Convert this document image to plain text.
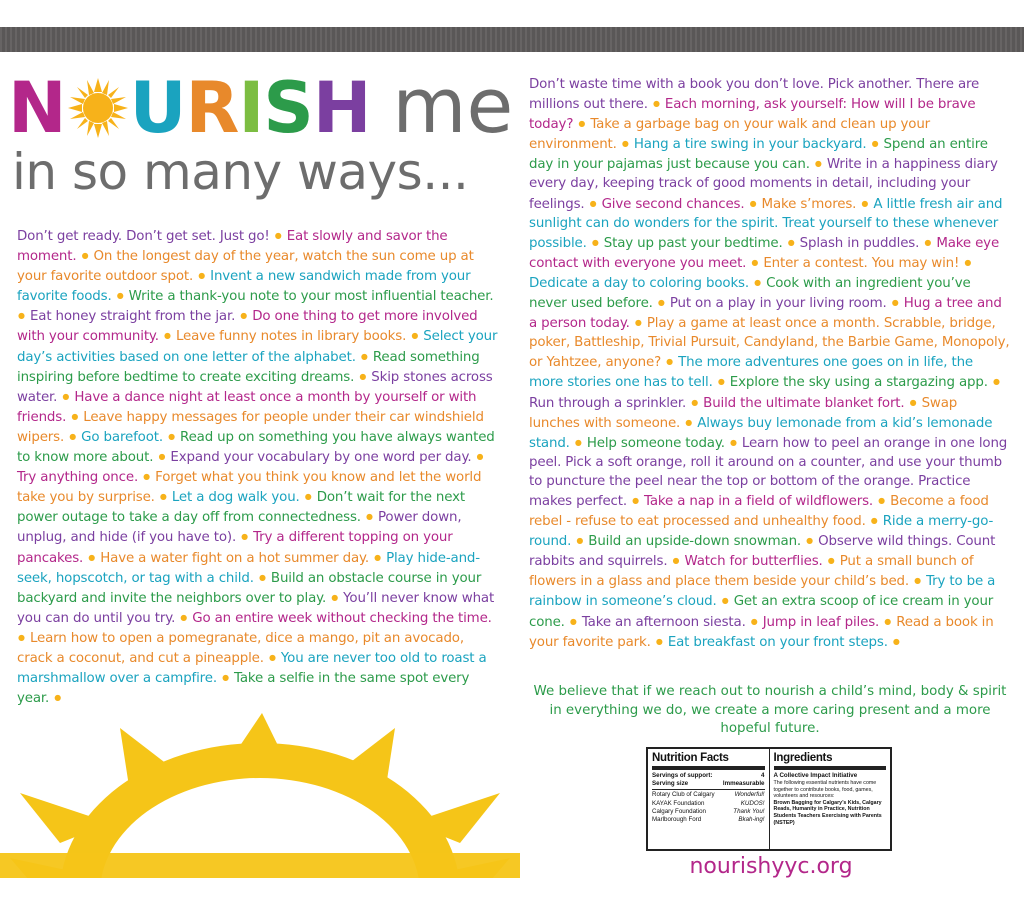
N URISH me
in so many ways...
Don’t get ready. Don’t get set. Just go! ● Eat slowly and savor the moment. ● On the longest day of the year, watch the sun come up at your favorite outdoor spot. ● Invent a new sandwich made from your favorite foods. ● Write a thank-you note to your most influential teacher. ● Eat honey straight from the jar. ● Do one thing to get more involved with your community. ● Leave funny notes in library books. ● Select your day’s activities based on one letter of the alphabet. ● Read something inspiring before bedtime to create exciting dreams. ● Skip stones across water. ● Have a dance night at least once a month by yourself or with friends. ● Leave happy messages for people under their car windshield wipers. ● Go barefoot. ● Read up on something you have always wanted to know more about. ● Expand your vocabulary by one word per day. ● Try anything once. ● Forget what you think you know and let the world take you by surprise. ● Let a dog walk you. ● Don’t wait for the next power outage to take a day off from connectedness. ● Power down, unplug, and hide (if you have to). ● Try a different topping on your pancakes. ● Have a water fight on a hot summer day. ● Play hide-and-seek, hopscotch, or tag with a child. ● Build an obstacle course in your backyard and invite the neighbors over to play. ● You’ll never know what you can do until you try. ● Go an entire week without checking the time. ● Learn how to open a pomegranate, dice a mango, pit an avocado, crack a coconut, and cut a pineapple. ● You are never too old to roast a marshmallow over a campfire. ● Take a selfie in the same spot every year. ●
Don’t waste time with a book you don’t love. Pick another. There are millions out there. ● Each morning, ask yourself: How will I be brave today? ● Take a garbage bag on your walk and clean up your environment. ● Hang a tire swing in your backyard. ● Spend an entire day in your pajamas just because you can. ● Write in a happiness diary every day, keeping track of good moments in detail, including your feelings. ● Give second chances. ● Make s’mores. ● A little fresh air and sunlight can do wonders for the spirit. Treat yourself to these whenever possible. ● Stay up past your bedtime. ● Splash in puddles. ● Make eye contact with everyone you meet. ● Enter a contest. You may win! ● Dedicate a day to coloring books. ● Cook with an ingredient you’ve never used before. ● Put on a play in your living room. ● Hug a tree and a person today. ● Play a game at least once a month. Scrabble, bridge, poker, Battleship, Trivial Pursuit, Candyland, the Barbie Game, Monopoly, or Yahtzee, anyone? ● The more adventures one goes on in life, the more stories one has to tell. ● Explore the sky using a stargazing app. ● Run through a sprinkler. ● Build the ultimate blanket fort. ● Swap lunches with someone. ● Always buy lemonade from a kid’s lemonade stand. ● Help someone today. ● Learn how to peel an orange in one long peel. Pick a soft orange, roll it around on a counter, and use your thumb to puncture the peel near the top or bottom of the orange. Practice makes perfect. ● Take a nap in a field of wildflowers. ● Become a food rebel - refuse to eat processed and unhealthy food. ● Ride a merry-go-round. ● Build an upside-down snowman. ● Observe wild things. Count rabbits and squirrels. ● Watch for butterflies. ● Put a small bunch of flowers in a glass and place them beside your child’s bed. ● Try to be a rainbow in someone’s cloud. ● Get an extra scoop of ice cream in your cone. ● Take an afternoon siesta. ● Jump in leaf piles. ● Read a book in your favorite park. ● Eat breakfast on your front steps. ●
We believe that if we reach out to nourish a child’s mind, body & spirit in everything we do, we create a more caring present and a more hopeful future.
Nutrition Facts
Servings of support:	4
Serving size	Immeasurable
Rotary Club of Calgary	Wonderful!
KAYAK Foundation	KUDOS!
Calgary Foundation	Thank You!
Marlborough Ford	Bkah-ing!
Ingredients
A Collective Impact Initiative
The following essential nutrients have come together to contribute books, food, games, volunteers and resources:
Brown Bagging for Calgary’s Kids, Calgary Reads, Humanity in Practice, Nutrition Students Teachers Exercising with Parents (NSTEP)
nourishyyc.org
